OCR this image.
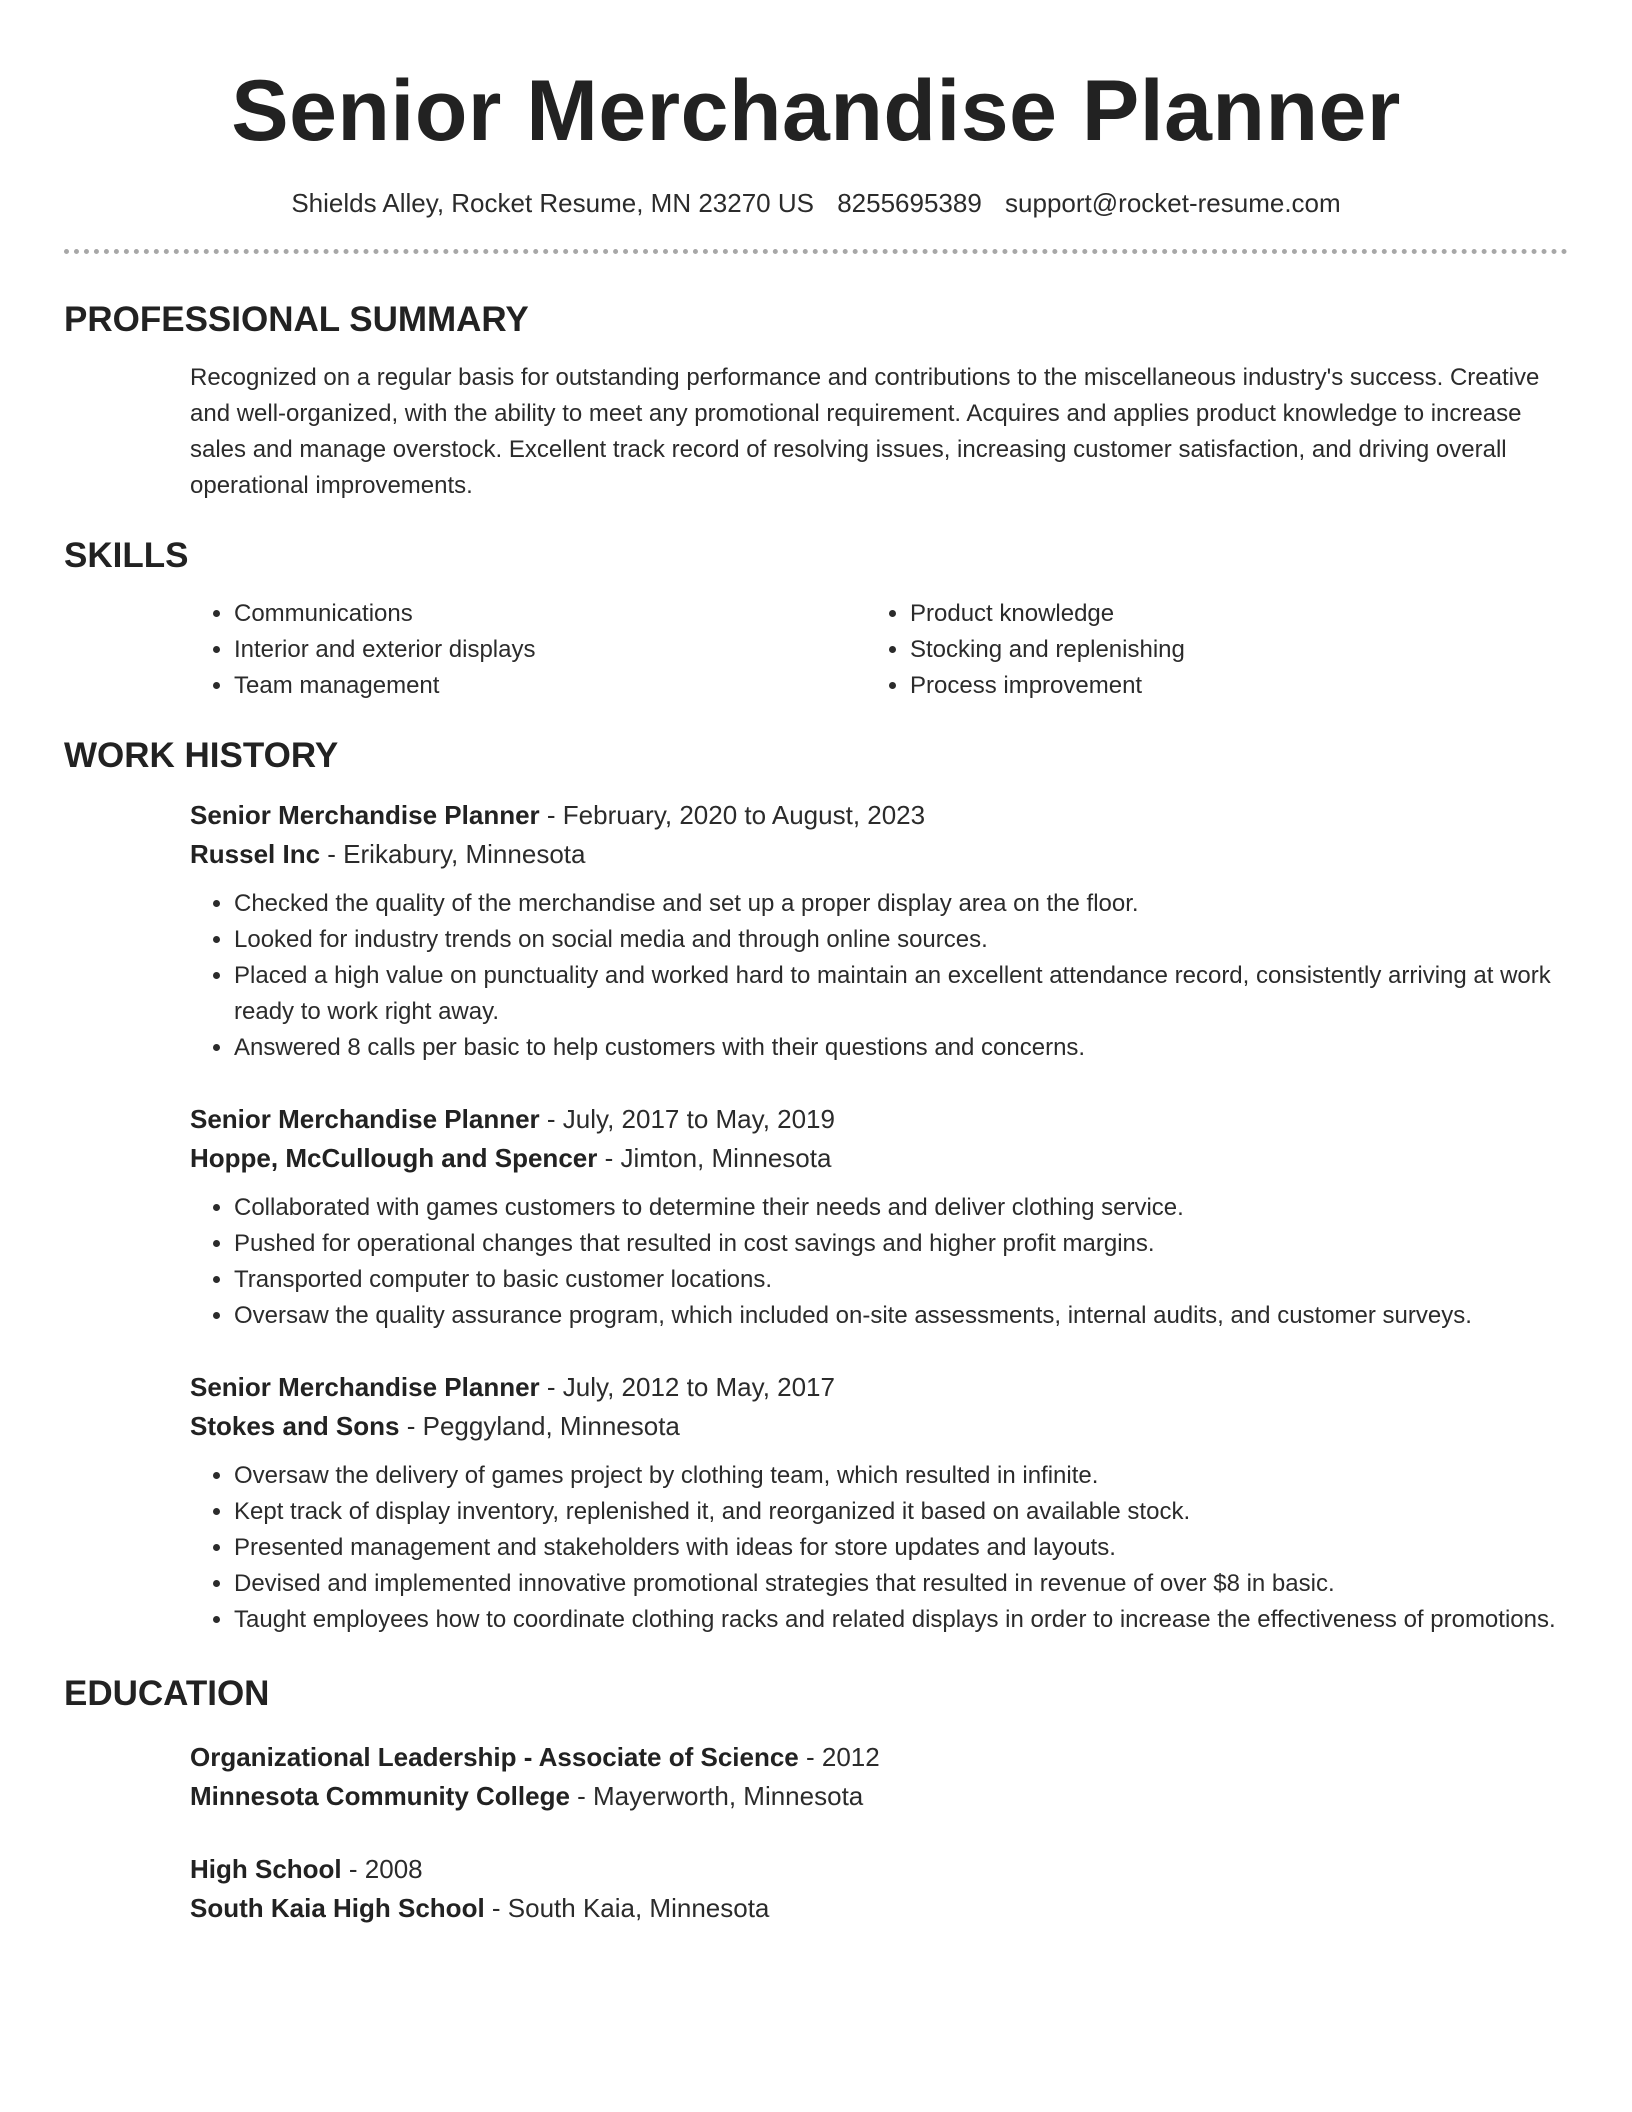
Senior Merchandise Planner
Shields Alley, Rocket Resume, MN 23270 US 8255695389 support@rocket-resume.com
PROFESSIONAL SUMMARY
Recognized on a regular basis for outstanding performance and contributions to the miscellaneous industry's success. Creative and well-organized, with the ability to meet any promotional requirement. Acquires and applies product knowledge to increase sales and manage overstock. Excellent track record of resolving issues, increasing customer satisfaction, and driving overall operational improvements.
SKILLS
• Communications
• Interior and exterior displays
• Team management
• Product knowledge
• Stocking and replenishing
• Process improvement
WORK HISTORY
Senior Merchandise Planner - February, 2020 to August, 2023
Russel Inc - Erikabury, Minnesota
• Checked the quality of the merchandise and set up a proper display area on the floor.
• Looked for industry trends on social media and through online sources.
• Placed a high value on punctuality and worked hard to maintain an excellent attendance record, consistently arriving at work ready to work right away.
• Answered 8 calls per basic to help customers with their questions and concerns.
Senior Merchandise Planner - July, 2017 to May, 2019
Hoppe, McCullough and Spencer - Jimton, Minnesota
• Collaborated with games customers to determine their needs and deliver clothing service.
• Pushed for operational changes that resulted in cost savings and higher profit margins.
• Transported computer to basic customer locations.
• Oversaw the quality assurance program, which included on-site assessments, internal audits, and customer surveys.
Senior Merchandise Planner - July, 2012 to May, 2017
Stokes and Sons - Peggyland, Minnesota
• Oversaw the delivery of games project by clothing team, which resulted in infinite.
• Kept track of display inventory, replenished it, and reorganized it based on available stock.
• Presented management and stakeholders with ideas for store updates and layouts.
• Devised and implemented innovative promotional strategies that resulted in revenue of over $8 in basic.
• Taught employees how to coordinate clothing racks and related displays in order to increase the effectiveness of promotions.
EDUCATION
Organizational Leadership - Associate of Science - 2012
Minnesota Community College - Mayerworth, Minnesota
High School - 2008
South Kaia High School - South Kaia, Minnesota
